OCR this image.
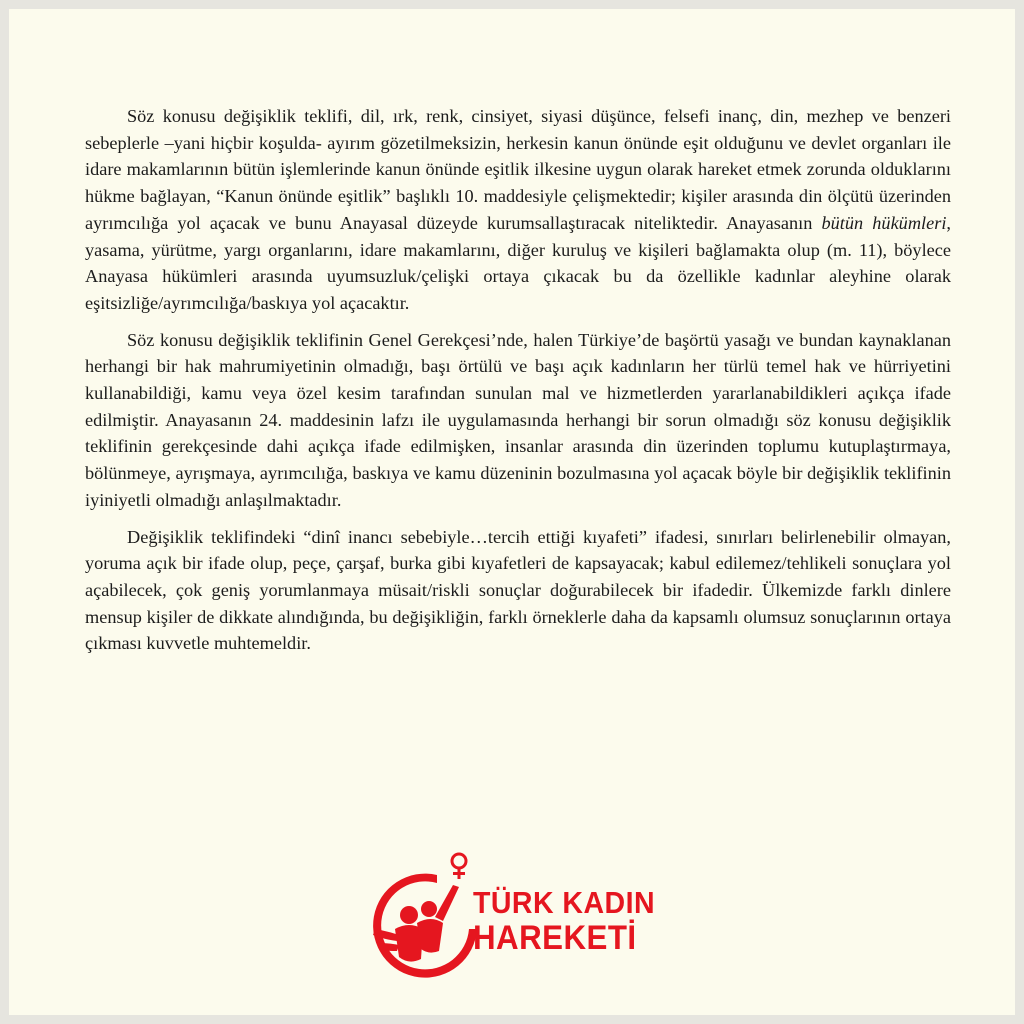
Söz konusu değişiklik teklifi, dil, ırk, renk, cinsiyet, siyasi düşünce, felsefi inanç, din, mezhep ve benzeri sebeplerle –yani hiçbir koşulda- ayırım gözetilmeksizin, herkesin kanun önünde eşit olduğunu ve devlet organları ile idare makamlarının bütün işlemlerinde kanun önünde eşitlik ilkesine uygun olarak hareket etmek zorunda olduklarını hükme bağlayan, “Kanun önünde eşitlik” başlıklı 10. maddesiyle çelişmektedir; kişiler arasında din ölçütü üzerinden ayrımcılığa yol açacak ve bunu Anayasal düzeyde kurumsallaştıracak niteliktedir. Anayasanın bütün hükümleri, yasama, yürütme, yargı organlarını, idare makamlarını, diğer kuruluş ve kişileri bağlamakta olup (m. 11), böylece Anayasa hükümleri arasında uyumsuzluk/çelişki ortaya çıkacak bu da özellikle kadınlar aleyhine olarak eşitsizliğe/ayrımcılığa/baskıya yol açacaktır.

Söz konusu değişiklik teklifinin Genel Gerekçesi’nde, halen Türkiye’de başörtü yasağı ve bundan kaynaklanan herhangi bir hak mahrumiyetinin olmadığı, başı örtülü ve başı açık kadınların her türlü temel hak ve hürriyetini kullanabildiği, kamu veya özel kesim tarafından sunulan mal ve hizmetlerden yararlanabildikleri açıkça ifade edilmiştir. Anayasanın 24. maddesinin lafzı ile uygulamasında herhangi bir sorun olmadığı söz konusu değişiklik teklifinin gerekçesinde dahi açıkça ifade edilmişken, insanlar arasında din üzerinden toplumu kutuplaştırmaya, bölünmeye, ayrışmaya, ayrımcılığa, baskıya ve kamu düzeninin bozulmasına yol açacak böyle bir değişiklik teklifinin iyiniyetli olmadığı anlaşılmaktadır.

Değişiklik teklifindeki “dinî inancı sebebiyle…tercih ettiği kıyafeti” ifadesi, sınırları belirlenebilir olmayan, yoruma açık bir ifade olup, peçe, çarşaf, burka gibi kıyafetleri de kapsayacak; kabul edilemez/tehlikeli sonuçlara yol açabilecek, çok geniş yorumlanmaya müsait/riskli sonuçlar doğurabilecek bir ifadedir. Ülkemizde farklı dinlere mensup kişiler de dikkate alındığında, bu değişikliğin, farklı örneklerle daha da kapsamlı olumsuz sonuçlarının ortaya çıkması kuvvetle muhtemeldir.

TÜRK KADIN
HAREKETİ
